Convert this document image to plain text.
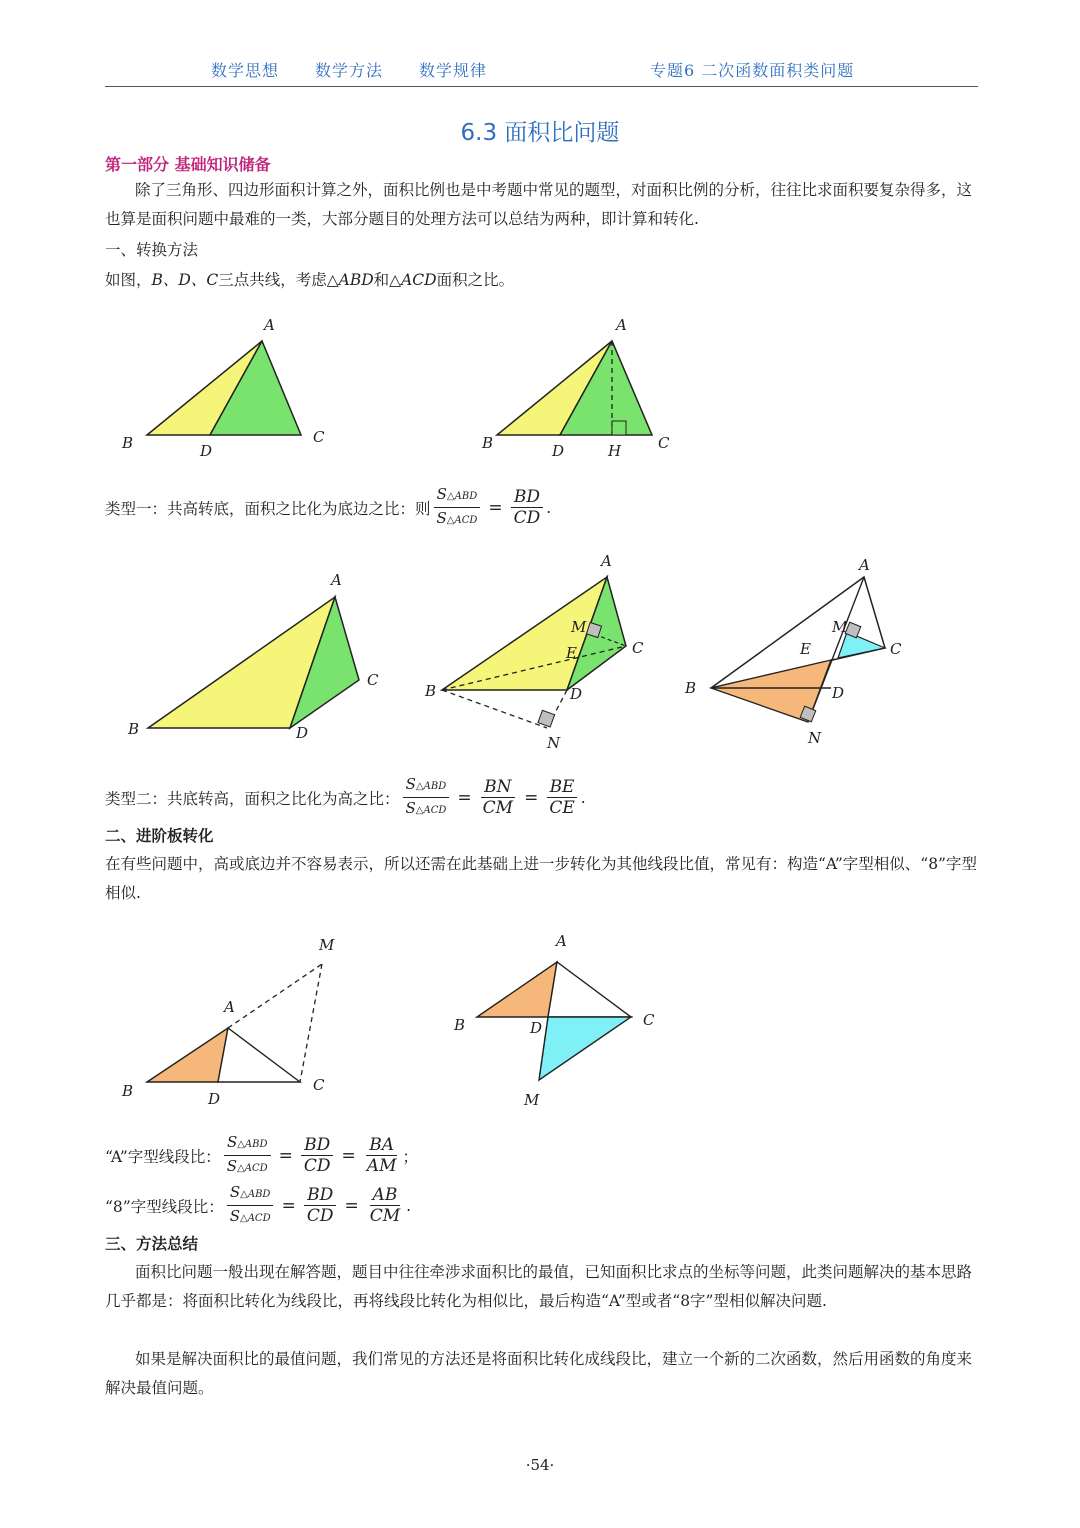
数学思想 数学方法 数学规律	专题6 二次函数面积类问题
6.3 面积比问题
第一部分 基础知识储备
除了三角形、四边形面积计算之外，面积比例也是中考题中常见的题型，对面积比例的分析，往往比求面积要复杂得多，这也算是面积问题中最难的一类，大部分题目的处理方法可以总结为两种，即计算和转化.
一、转换方法
如图，B、D、C三点共线，考虑△ABD和△ACD面积之比。
A
B	C
D
A
B	C
D	H
类型一：共高转底，面积之比化为底边之比：则 $\frac{\text{S△ABD}}{\text{S△ACD}} = \frac{BD}{CD}$ .
A
B
C
D
A
B
C
D
E
M
N
A
B
C
D
E
M
N
类型二：共底转高，面积之比化为高之比： $\frac{\text{S△ABD}}{\text{S△ACD}} = \frac{BN}{CM} = \frac{BE}{CE}$ .
二、进阶板转化
在有些问题中，高或底边并不容易表示，所以还需在此基础上进一步转化为其他线段比值，常见有：构造“A”字型相似、“8”字型相似.
A
B	C
D
M	A
B	C
D
M
“A”字型线段比： $\frac{\text{S△ABD}}{\text{S△ACD}} = \frac{BD}{CD} = \frac{BA}{AM}$ ；
“8”字型线段比： $\frac{\text{S△ABD}}{\text{S△ACD}} = \frac{BD}{CD} = \frac{AB}{CM}$ .
三、方法总结
面积比问题一般出现在解答题，题目中往往牵涉求面积比的最值，已知面积比求点的坐标等问题，此类问题解决的基本思路几乎都是：将面积比转化为线段比，再将线段比转化为相似比，最后构造“A”型或者“8字”型相似解决问题.
如果是解决面积比的最值问题，我们常见的方法还是将面积比转化成线段比，建立一个新的二次函数，然后用函数的角度来解决最值问题。
·54·
